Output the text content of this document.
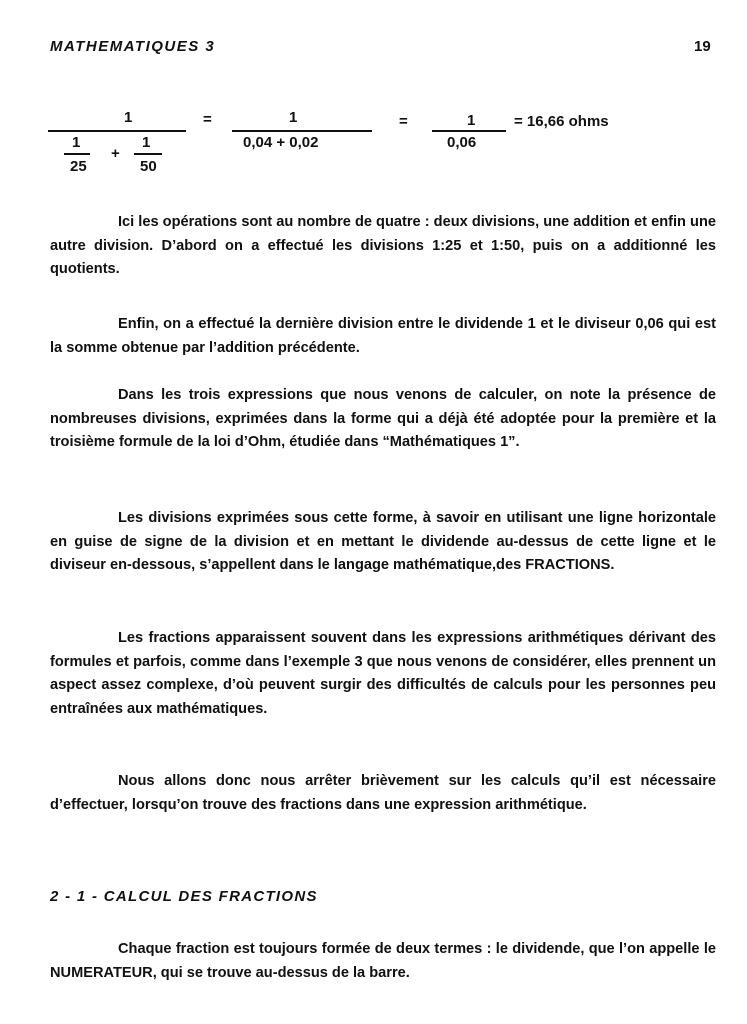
MATHEMATIQUES 3	19
1
1
25
+
1
50
=	1
0,04 + 0,02
=	1
0,06
= 16,66 ohms

Ici les opérations sont au nombre de quatre : deux divisions, une addition et enfin une autre division. D’abord on a effectué les divisions 1:25 et 1:50, puis on a additionné les quotients.

Enfin, on a effectué la dernière division entre le dividende 1 et le diviseur 0,06 qui est la somme obtenue par l’addition précédente.

Dans les trois expressions que nous venons de calculer, on note la présence de nombreuses divisions, exprimées dans la forme qui a déjà été adoptée pour la première et la troisième formule de la loi d’Ohm, étudiée dans “Mathématiques 1”.

Les divisions exprimées sous cette forme, à savoir en utilisant une ligne horizontale en guise de signe de la division et en mettant le dividende au-dessus de cette ligne et le diviseur en-dessous, s’appellent dans le langage mathématique,des FRACTIONS.

Les fractions apparaissent souvent dans les expressions arithmétiques dérivant des formules et parfois, comme dans l’exemple 3 que nous venons de considérer, elles prennent un aspect assez complexe, d’où peuvent surgir des difficultés de calculs pour les personnes peu entraînées aux mathématiques.

Nous allons donc nous arrêter brièvement sur les calculs qu’il est nécessaire d’effectuer, lorsqu’on trouve des fractions dans une expression arithmétique.

2 - 1 - CALCUL DES FRACTIONS

Chaque fraction est toujours formée de deux termes : le dividende, que l’on appelle le NUMERATEUR, qui se trouve au-dessus de la barre.
